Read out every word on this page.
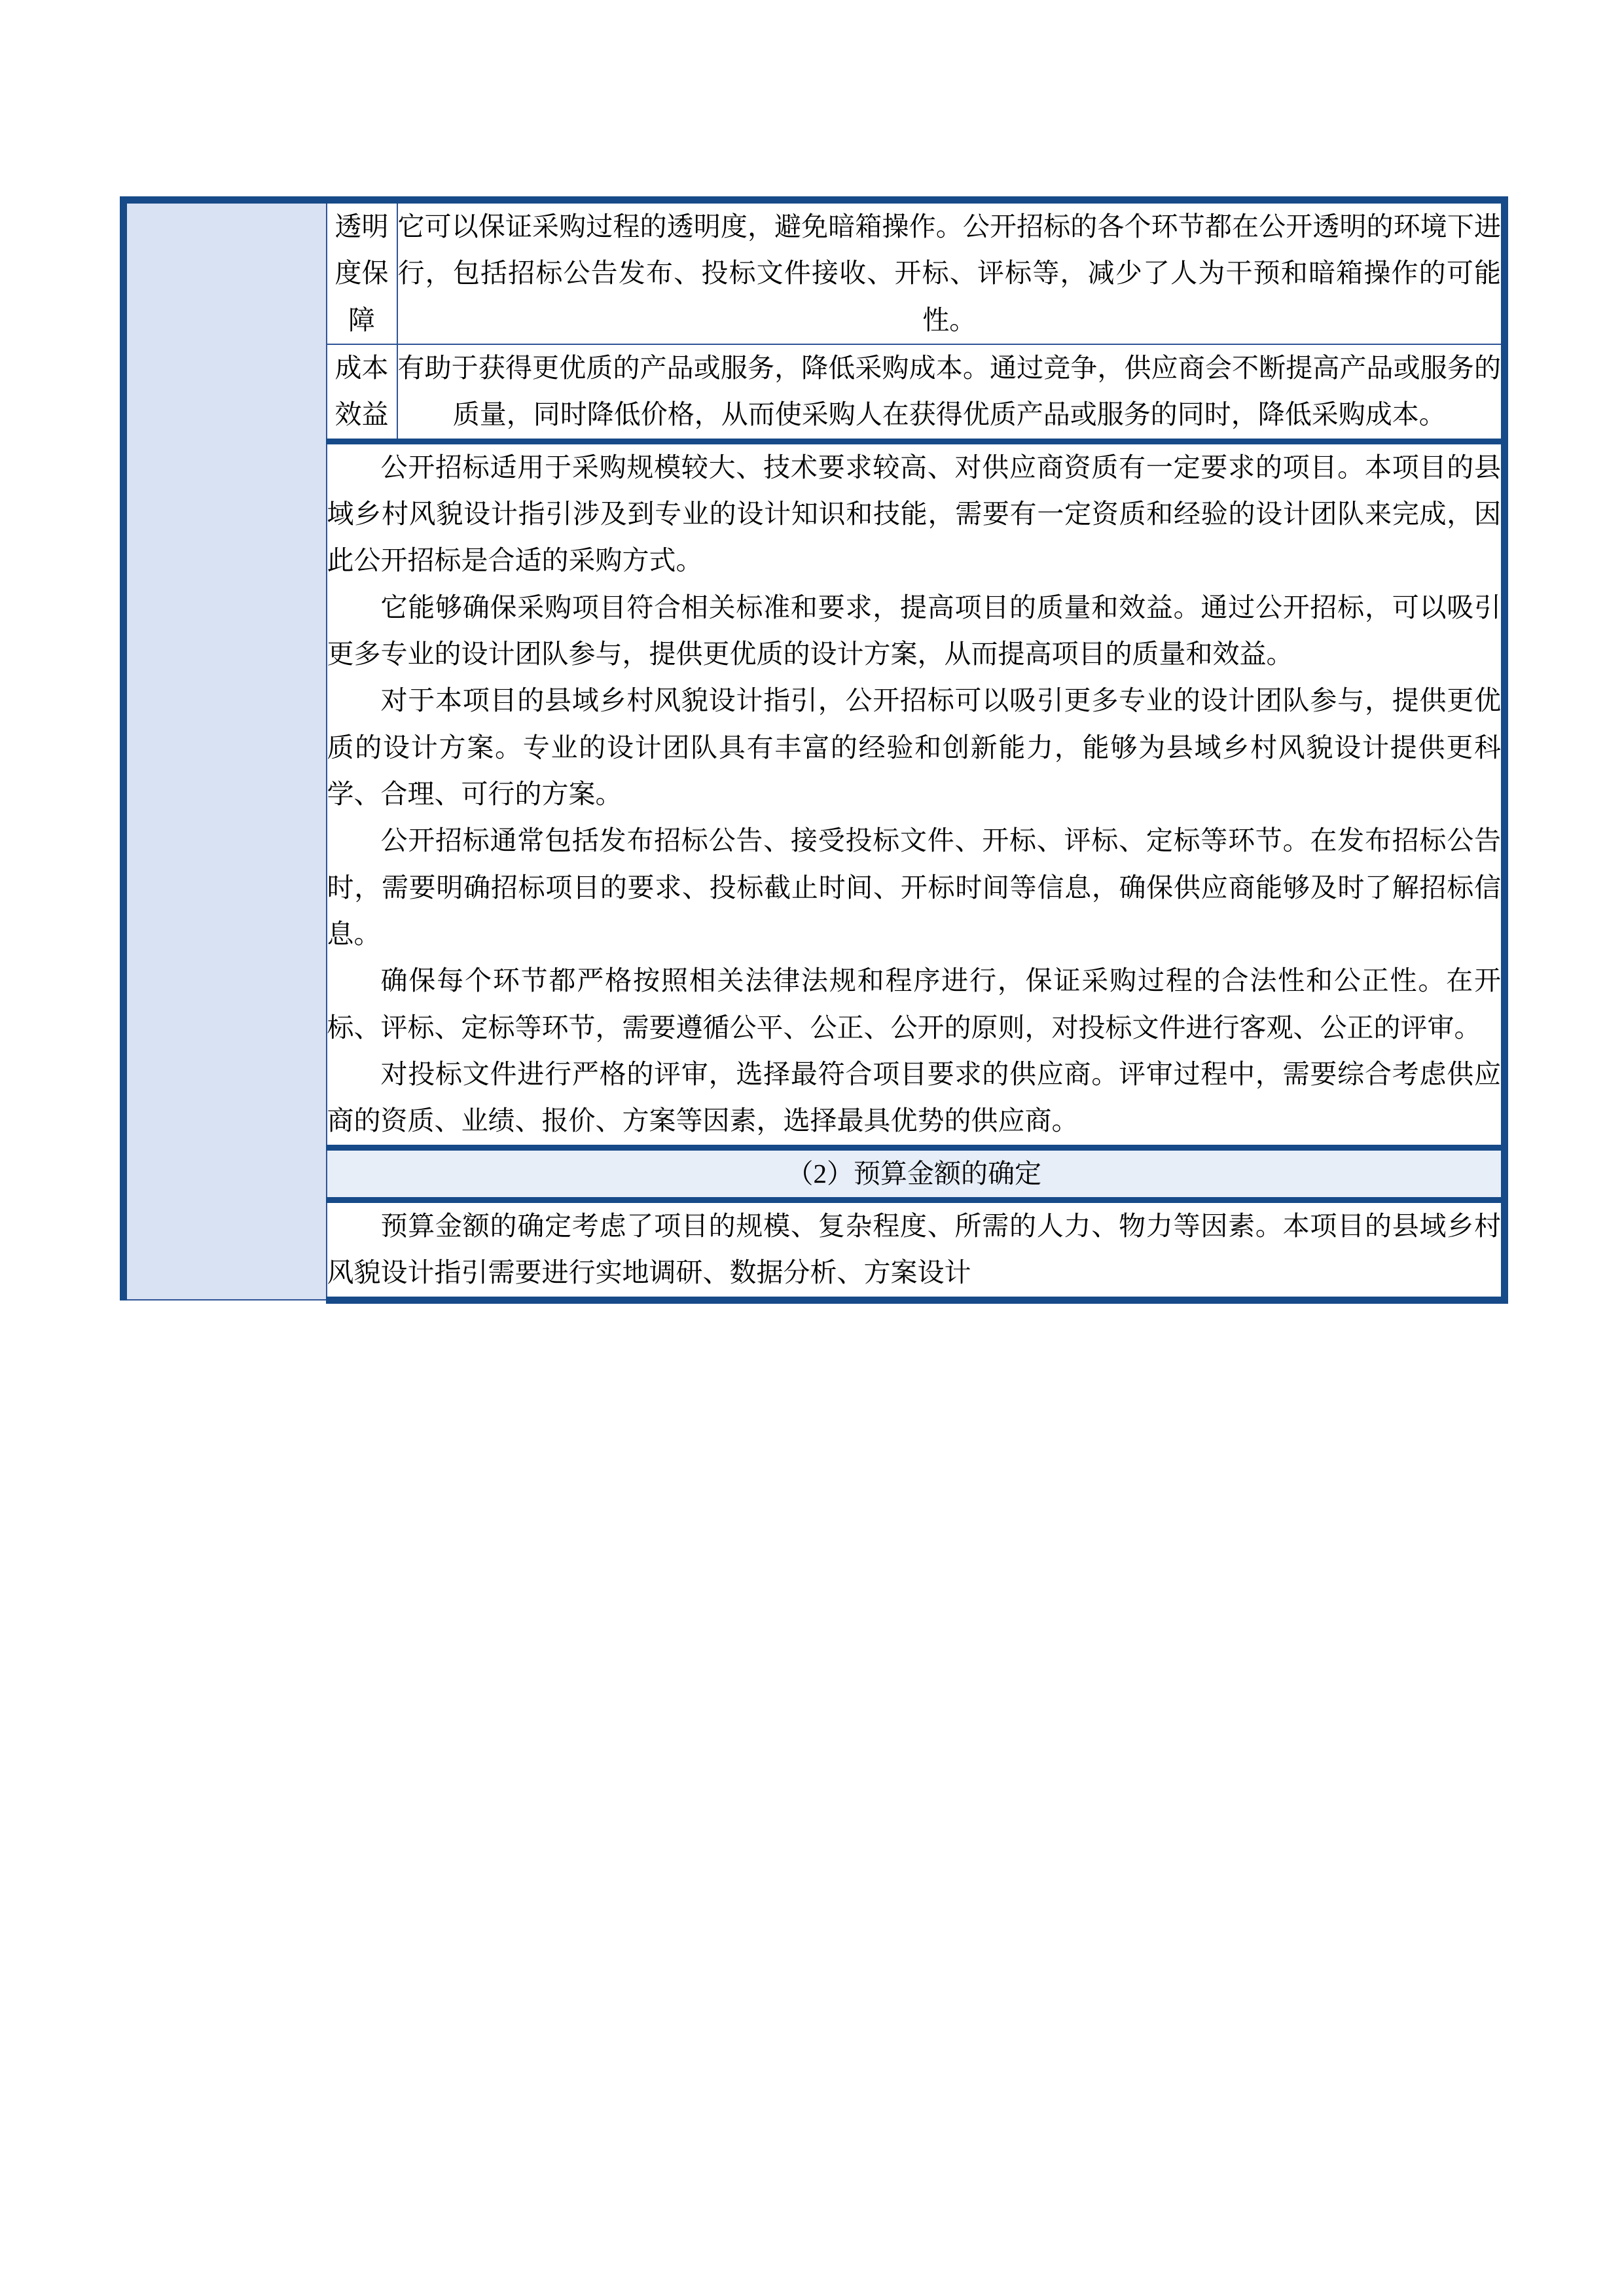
	透明
度保
障	它可以保证采购过程的透明度，避免暗箱操作。公开招标的各个环节都在公开透明的环境下进行，包括招标公告发布、投标文件接收、开标、评标等，减少了人为干预和暗箱操作的可能性。

	成本
效益	有助于获得更优质的产品或服务，降低采购成本。通过竞争，供应商会不断提高产品或服务的质量，同时降低价格，从而使采购人在获得优质产品或服务的同时，降低采购成本。

公开招标适用于采购规模较大、技术要求较高、对供应商资质有一定要求的项目。本项目的县域乡村风貌设计指引涉及到专业的设计知识和技能，需要有一定资质和经验的设计团队来完成，因此公开招标是合适的采购方式。

它能够确保采购项目符合相关标准和要求，提高项目的质量和效益。通过公开招标，可以吸引更多专业的设计团队参与，提供更优质的设计方案，从而提高项目的质量和效益。

对于本项目的县域乡村风貌设计指引，公开招标可以吸引更多专业的设计团队参与，提供更优质的设计方案。专业的设计团队具有丰富的经验和创新能力，能够为县域乡村风貌设计提供更科学、合理、可行的方案。

公开招标通常包括发布招标公告、接受投标文件、开标、评标、定标等环节。在发布招标公告时，需要明确招标项目的要求、投标截止时间、开标时间等信息，确保供应商能够及时了解招标信息。

确保每个环节都严格按照相关法律法规和程序进行，保证采购过程的合法性和公正性。在开标、评标、定标等环节，需要遵循公平、公正、公开的原则，对投标文件进行客观、公正的评审。

对投标文件进行严格的评审，选择最符合项目要求的供应商。评审过程中，需要综合考虑供应商的资质、业绩、报价、方案等因素，选择最具优势的供应商。

	（2）预算金额的确定	

	预算金额的确定考虑了项目的规模、复杂程度、所需的人力、物力等因素。本项目的县域乡村风貌设计指引需要进行实地调研、数据分析、方案设计	
